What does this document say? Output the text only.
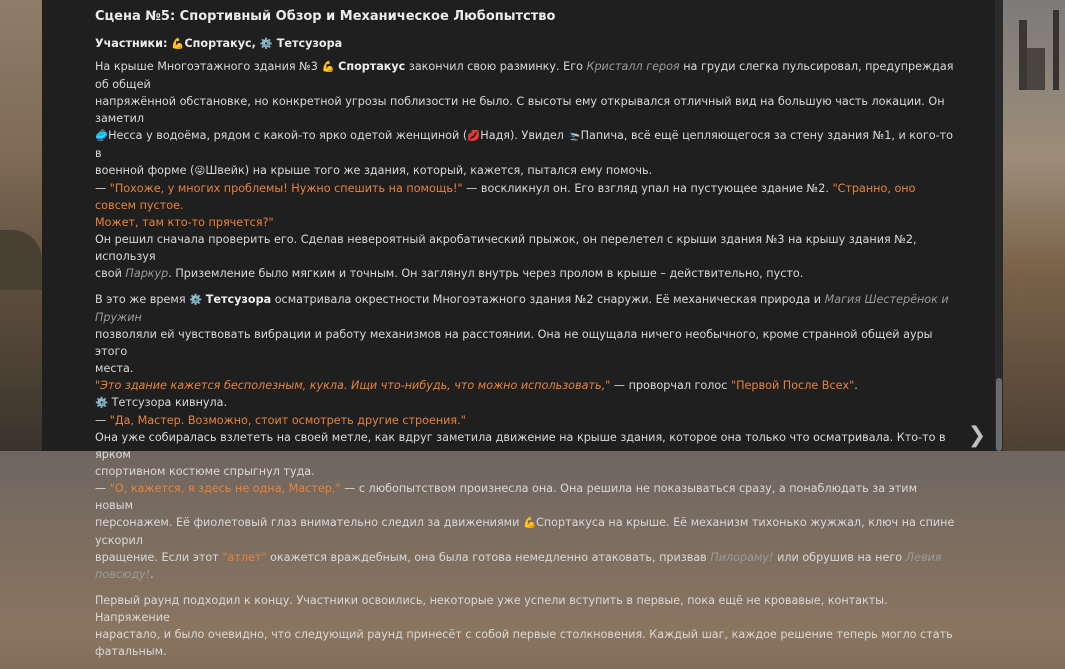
Сцена №5: Спортивный Обзор и Механическое Любопытство
Участники: 💪Спортакус, ⚙️ Тетсузора

На крыше Многоэтажного здания №3 💪 Спортакус закончил свою разминку. Его Кристалл героя на груди слегка пульсировал, предупреждая об общей
напряжённой обстановке, но конкретной угрозы поблизости не было. С высоты ему открывался отличный вид на большую часть локации. Он заметил
🥏Несса у водоёма, рядом с какой-то ярко одетой женщиной (💋Надя). Увидел 🛬Папича, всё ещё цепляющегося за стену здания №1, и кого-то в
военной форме (😜Швейк) на крыше того же здания, который, кажется, пытался ему помочь.
— "Похоже, у многих проблемы! Нужно спешить на помощь!" — воскликнул он. Его взгляд упал на пустующее здание №2. "Странно, оно совсем пустое.
Может, там кто-то прячется?"
Он решил сначала проверить его. Сделав невероятный акробатический прыжок, он перелетел с крыши здания №3 на крышу здания №2, используя
свой Паркур. Приземление было мягким и точным. Он заглянул внутрь через пролом в крыше – действительно, пусто.

В это же время ⚙️ Тетсузора осматривала окрестности Многоэтажного здания №2 снаружи. Её механическая природа и Магия Шестерёнок и Пружин
позволяли ей чувствовать вибрации и работу механизмов на расстоянии. Она не ощущала ничего необычного, кроме странной общей ауры этого
места.
"Это здание кажется бесполезным, кукла. Ищи что-нибудь, что можно использовать," — проворчал голос "Первой После Всех".
⚙️ Тетсузора кивнула.
— "Да, Мастер. Возможно, стоит осмотреть другие строения."
Она уже собиралась взлететь на своей метле, как вдруг заметила движение на крыше здания, которое она только что осматривала. Кто-то в ярком
спортивном костюме спрыгнул туда.
— "О, кажется, я здесь не одна, Мастер," — с любопытством произнесла она. Она решила не показываться сразу, а понаблюдать за этим новым
персонажем. Её фиолетовый глаз внимательно следил за движениями 💪Спортакуса на крыше. Её механизм тихонько жужжал, ключ на спине ускорил
вращение. Если этот "атлет" окажется враждебным, она была готова немедленно атаковать, призвав Пилораму! или обрушив на него Левия повсюду!.

Первый раунд подходил к концу. Участники освоились, некоторые уже успели вступить в первые, пока ещё не кровавые, контакты. Напряжение
нарастало, и было очевидно, что следующий раунд принесёт с собой первые столкновения. Каждый шаг, каждое решение теперь могло стать
фатальным.

❯
